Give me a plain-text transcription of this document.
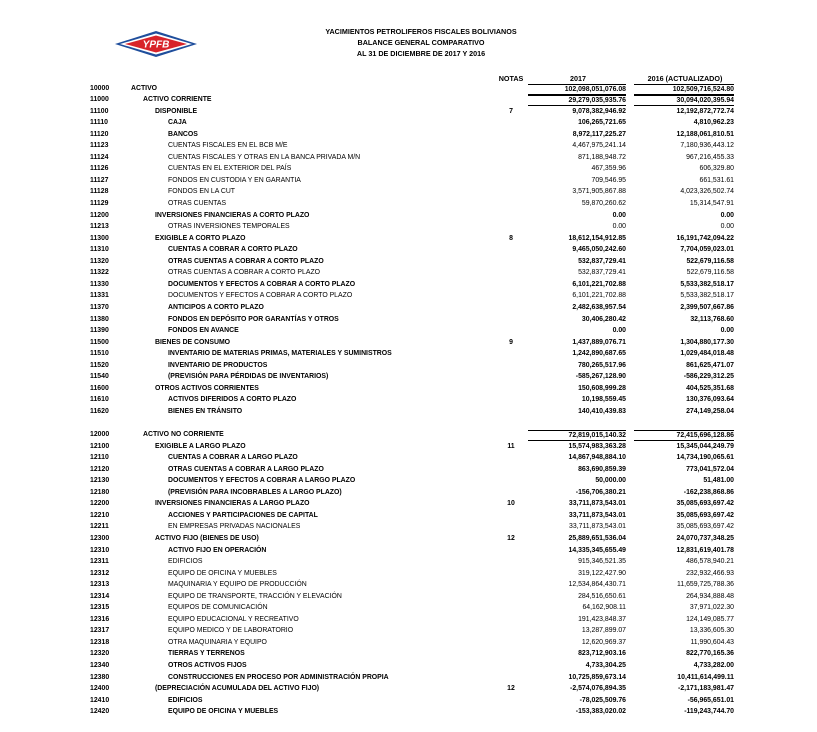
YPFB
YACIMIENTOS PETROLIFEROS FISCALES BOLIVIANOS
BALANCE GENERAL COMPARATIVO
AL 31 DE DICIEMBRE DE 2017 Y 2016
NOTAS	2017	2016 (ACTUALIZADO)
10000	ACTIVO	102,098,051,076.08	102,509,716,524.80
11000	ACTIVO CORRIENTE	29,279,035,935.76	30,094,020,395.94
11100	DISPONIBLE	7	9,078,382,946.92	12,192,872,772.74
11110	CAJA	106,265,721.65	4,810,962.23
11120	BANCOS	8,972,117,225.27	12,188,061,810.51
11123	CUENTAS FISCALES EN EL BCB M/E	4,467,975,241.14	7,180,936,443.12
11124	CUENTAS FISCALES Y OTRAS EN LA BANCA PRIVADA M/N	871,188,948.72	967,216,455.33
11126	CUENTAS EN EL EXTERIOR DEL PAÍS	467,359.96	606,329.80
11127	FONDOS EN CUSTODIA Y EN GARANTIA	709,546.95	661,531.61
11128	FONDOS EN LA CUT	3,571,905,867.88	4,023,326,502.74
11129	OTRAS CUENTAS	59,870,260.62	15,314,547.91
11200	INVERSIONES FINANCIERAS A CORTO PLAZO	0.00	0.00
11213	OTRAS INVERSIONES TEMPORALES	0.00	0.00
11300	EXIGIBLE A CORTO PLAZO	8	18,612,154,912.85	16,191,742,094.22
11310	CUENTAS A COBRAR A CORTO PLAZO	9,465,050,242.60	7,704,059,023.01
11320	OTRAS CUENTAS A COBRAR A CORTO PLAZO	532,837,729.41	522,679,116.58
11322	OTRAS CUENTAS A COBRAR A CORTO PLAZO	532,837,729.41	522,679,116.58
11330	DOCUMENTOS Y EFECTOS A COBRAR A CORTO PLAZO	6,101,221,702.88	5,533,382,518.17
11331	DOCUMENTOS Y EFECTOS A COBRAR A CORTO PLAZO	6,101,221,702.88	5,533,382,518.17
11370	ANTICIPOS A CORTO PLAZO	2,482,638,957.54	2,399,507,667.86
11380	FONDOS EN DEPÓSITO POR GARANTÍAS Y OTROS	30,406,280.42	32,113,768.60
11390	FONDOS EN AVANCE	0.00	0.00
11500	BIENES DE CONSUMO	9	1,437,889,076.71	1,304,880,177.30
11510	INVENTARIO DE MATERIAS PRIMAS, MATERIALES Y SUMINISTROS	1,242,890,687.65	1,029,484,018.48
11520	INVENTARIO DE PRODUCTOS	780,265,517.96	861,625,471.07
11540	(PREVISIÓN PARA PÉRDIDAS DE INVENTARIOS)	-585,267,128.90	-586,229,312.25
11600	OTROS ACTIVOS CORRIENTES	150,608,999.28	404,525,351.68
11610	ACTIVOS DIFERIDOS A CORTO PLAZO	10,198,559.45	130,376,093.64
11620	BIENES EN TRÁNSITO	140,410,439.83	274,149,258.04
12000	ACTIVO NO CORRIENTE	72,819,015,140.32	72,415,696,128.86
12100	EXIGIBLE A LARGO PLAZO	11	15,574,983,363.28	15,345,044,249.79
12110	CUENTAS A COBRAR A LARGO PLAZO	14,867,948,884.10	14,734,190,065.61
12120	OTRAS CUENTAS A COBRAR A LARGO PLAZO	863,690,859.39	773,041,572.04
12130	DOCUMENTOS Y EFECTOS A COBRAR A LARGO PLAZO	50,000.00	51,481.00
12180	(PREVISIÓN PARA INCOBRABLES A LARGO PLAZO)	-156,706,380.21	-162,238,868.86
12200	INVERSIONES FINANCIERAS A LARGO PLAZO	10	33,711,873,543.01	35,085,693,697.42
12210	ACCIONES Y PARTICIPACIONES DE CAPITAL	33,711,873,543.01	35,085,693,697.42
12211	EN EMPRESAS PRIVADAS NACIONALES	33,711,873,543.01	35,085,693,697.42
12300	ACTIVO FIJO (BIENES DE USO)	12	25,889,651,536.04	24,070,737,348.25
12310	ACTIVO FIJO EN OPERACIÓN	14,335,345,655.49	12,831,619,401.78
12311	EDIFICIOS	915,346,521.35	486,578,940.21
12312	EQUIPO DE OFICINA Y MUEBLES	319,122,427.90	232,932,466.93
12313	MAQUINARIA Y EQUIPO DE PRODUCCIÓN	12,534,864,430.71	11,659,725,788.36
12314	EQUIPO DE TRANSPORTE, TRACCIÓN Y ELEVACIÓN	284,516,650.61	264,934,888.48
12315	EQUIPOS DE COMUNICACIÓN	64,162,908.11	37,971,022.30
12316	EQUIPO EDUCACIONAL Y RECREATIVO	191,423,848.37	124,149,085.77
12317	EQUIPO MEDICO Y DE LABORATORIO	13,287,899.07	13,336,605.30
12318	OTRA MAQUINARIA Y EQUIPO	12,620,969.37	11,990,604.43
12320	TIERRAS Y TERRENOS	823,712,903.16	822,770,165.36
12340	OTROS ACTIVOS FIJOS	4,733,304.25	4,733,282.00
12380	CONSTRUCCIONES EN PROCESO POR ADMINISTRACIÓN PROPIA	10,725,859,673.14	10,411,614,499.11
12400	(DEPRECIACIÓN ACUMULADA DEL ACTIVO FIJO)	12	-2,574,076,894.35	-2,171,183,981.47
12410	EDIFICIOS	-78,025,509.76	-56,965,651.01
12420	EQUIPO DE OFICINA Y MUEBLES	-153,383,020.02	-119,243,744.70
